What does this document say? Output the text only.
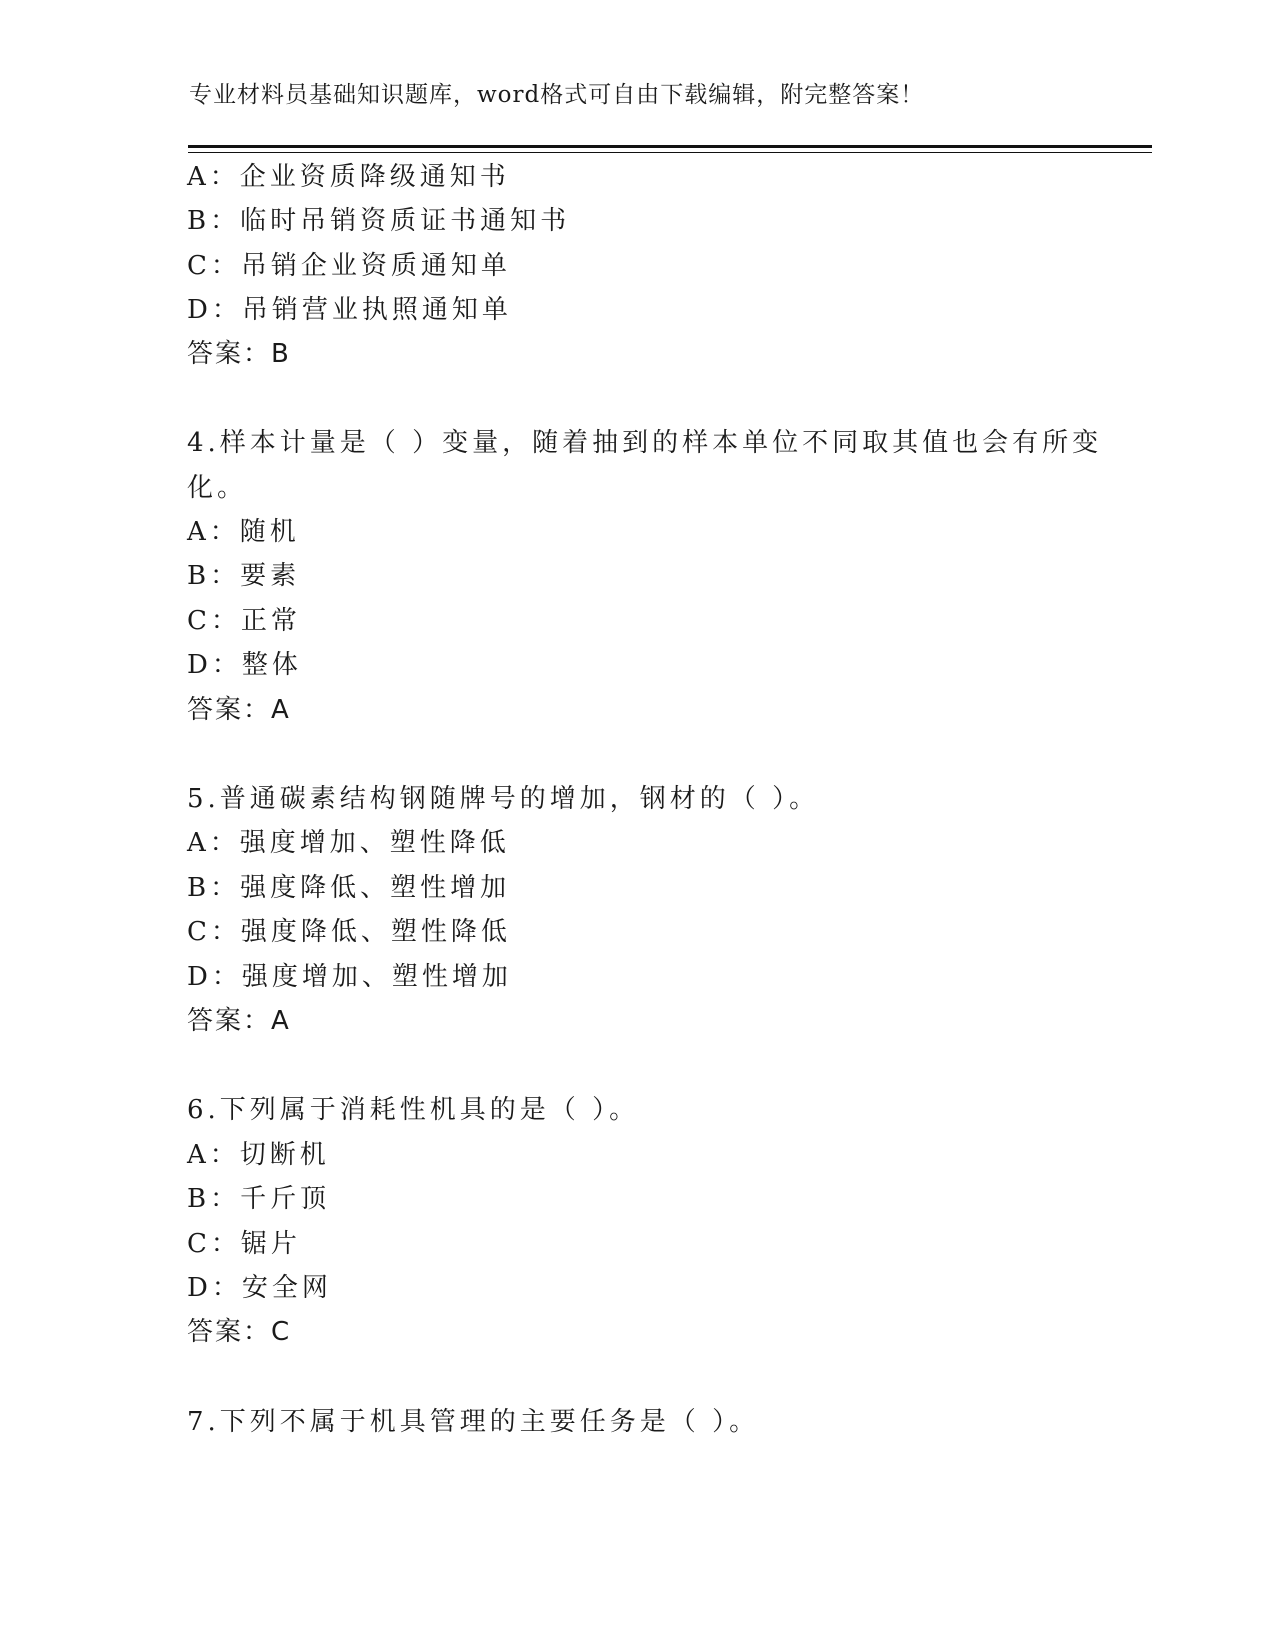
专业材料员基础知识题库，word格式可自由下载编辑，附完整答案！
A：企业资质降级通知书
B：临时吊销资质证书通知书
C：吊销企业资质通知单
D：吊销营业执照通知单
答案：B
4.样本计量是（ ）变量，随着抽到的样本单位不同取其值也会有所变
化。
A：随机
B：要素
C：正常
D：整体
答案：A
5.普通碳素结构钢随牌号的增加，钢材的（ ）。
A：强度增加、塑性降低
B：强度降低、塑性增加
C：强度降低、塑性降低
D：强度增加、塑性增加
答案：A
6.下列属于消耗性机具的是（ ）。
A：切断机
B：千斤顶
C：锯片
D：安全网
答案：C
7.下列不属于机具管理的主要任务是（ ）。
